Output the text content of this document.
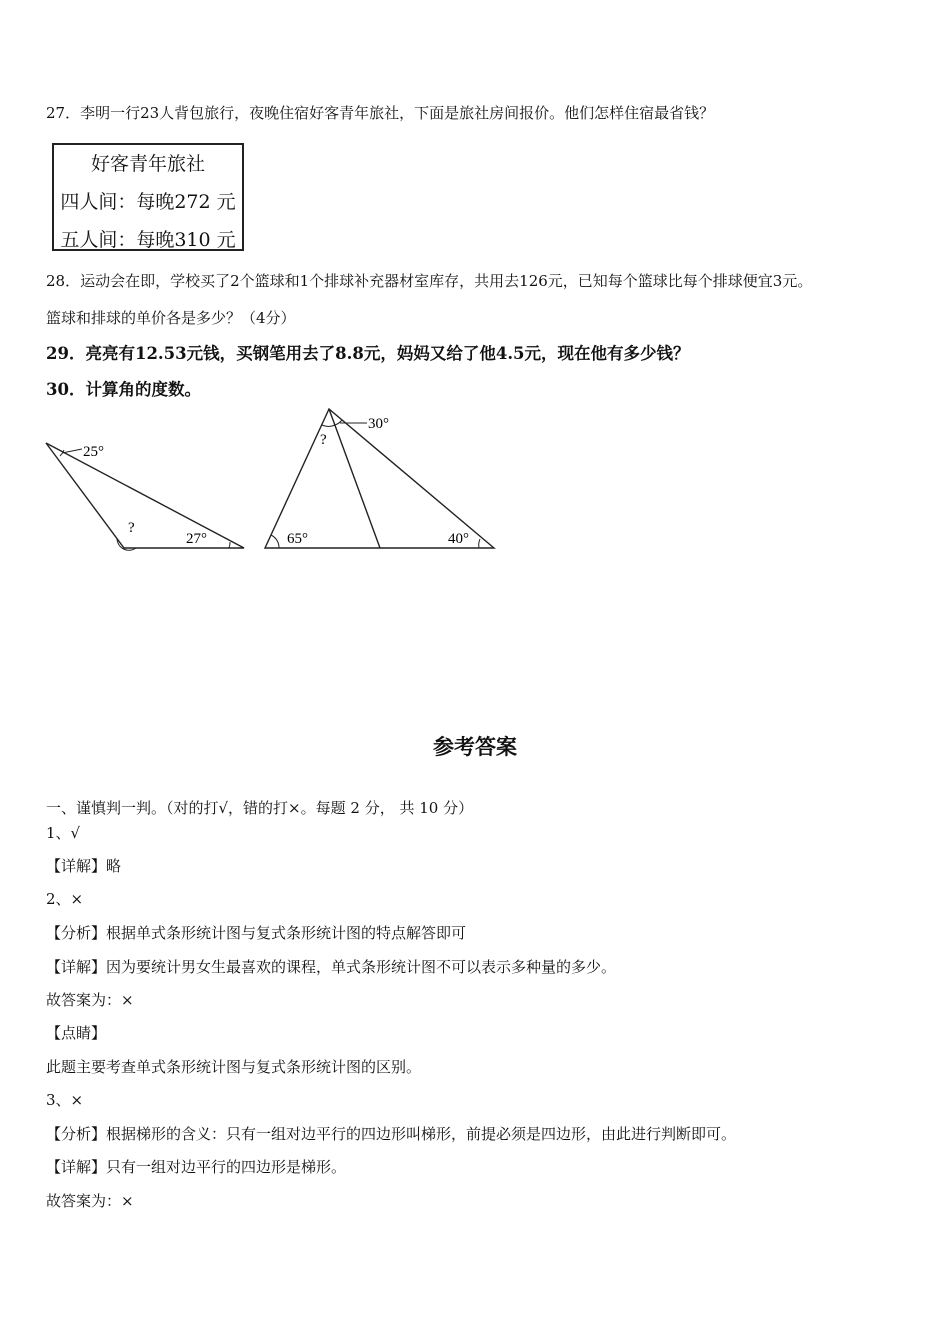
27．李明一行23人背包旅行，夜晚住宿好客青年旅社，下面是旅社房间报价。他们怎样住宿最省钱？
好客青年旅社
四人间：每晚272 元
五人间：每晚310 元
28．运动会在即，学校买了2个篮球和1个排球补充器材室库存，共用去126元，已知每个篮球比每个排球便宜3元。
篮球和排球的单价各是多少？（4分）
29．亮亮有12.53元钱，买钢笔用去了8.8元，妈妈又给了他4.5元，现在他有多少钱？
30．计算角的度数。
25°
?
27°
?
30°
65°	40°
参考答案
一、谨慎判一判。（对的打√，错的打×。每题 2 分， 共 10 分）
1、√
【详解】略
2、×
【分析】根据单式条形统计图与复式条形统计图的特点解答即可
【详解】因为要统计男女生最喜欢的课程，单式条形统计图不可以表示多种量的多少。
故答案为：×
【点睛】
此题主要考查单式条形统计图与复式条形统计图的区别。
3、×
【分析】根据梯形的含义：只有一组对边平行的四边形叫梯形，前提必须是四边形，由此进行判断即可。
【详解】只有一组对边平行的四边形是梯形。
故答案为：×
